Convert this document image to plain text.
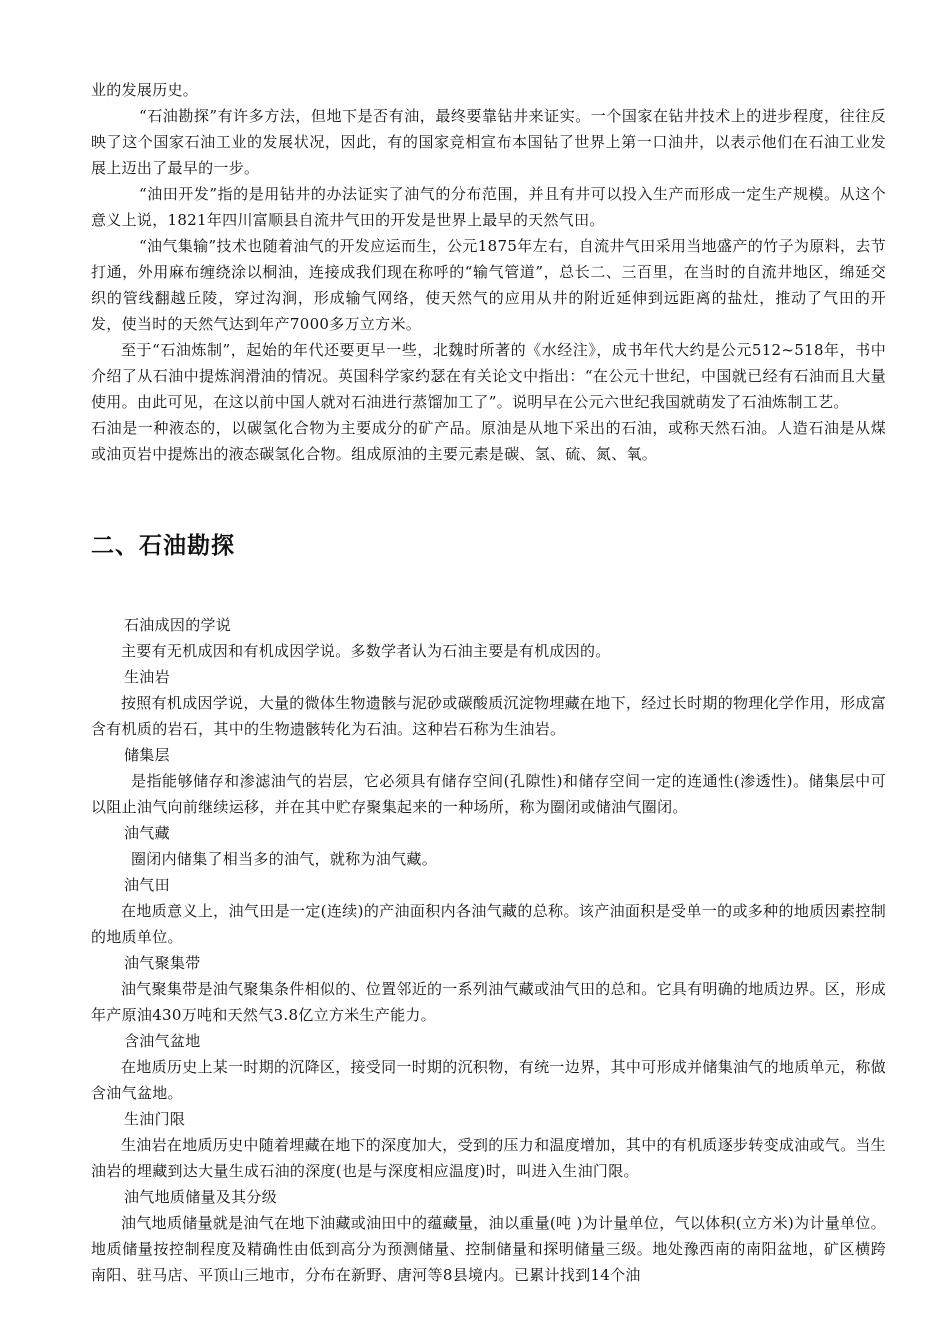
业的发展历史。

“石油勘探”有许多方法，但地下是否有油，最终要靠钻井来证实。一个国家在钻井技术上的进步程度，往往反映了这个国家石油工业的发展状况，因此，有的国家竞相宣布本国钻了世界上第一口油井，以表示他们在石油工业发展上迈出了最早的一步。

“油田开发”指的是用钻井的办法证实了油气的分布范围，并且有井可以投入生产而形成一定生产规模。从这个意义上说，1821年四川富顺县自流井气田的开发是世界上最早的天然气田。

“油气集输”技术也随着油气的开发应运而生，公元1875年左右，自流井气田采用当地盛产的竹子为原料，去节打通，外用麻布缠绕涂以桐油，连接成我们现在称呼的“输气管道”，总长二、三百里，在当时的自流井地区，绵延交织的管线翻越丘陵，穿过沟涧，形成输气网络，使天然气的应用从井的附近延伸到远距离的盐灶，推动了气田的开发，使当时的天然气达到年产7000多万立方米。

至于“石油炼制”，起始的年代还要更早一些，北魏时所著的《水经注》，成书年代大约是公元512~518年，书中介绍了从石油中提炼润滑油的情况。英国科学家约瑟在有关论文中指出：“在公元十世纪，中国就已经有石油而且大量使用。由此可见，在这以前中国人就对石油进行蒸馏加工了”。说明早在公元六世纪我国就萌发了石油炼制工艺。

石油是一种液态的，以碳氢化合物为主要成分的矿产品。原油是从地下采出的石油，或称天然石油。人造石油是从煤或油页岩中提炼出的液态碳氢化合物。组成原油的主要元素是碳、氢、硫、氮、氧。

二、石油勘探

石油成因的学说

主要有无机成因和有机成因学说。多数学者认为石油主要是有机成因的。

生油岩

按照有机成因学说，大量的微体生物遗骸与泥砂或碳酸质沉淀物埋藏在地下，经过长时期的物理化学作用，形成富含有机质的岩石，其中的生物遗骸转化为石油。这种岩石称为生油岩。

储集层

是指能够储存和渗滤油气的岩层，它必须具有储存空间(孔隙性)和储存空间一定的连通性(渗透性)。储集层中可以阻止油气向前继续运移，并在其中贮存聚集起来的一种场所，称为圈闭或储油气圈闭。

油气藏

圈闭内储集了相当多的油气，就称为油气藏。

油气田

在地质意义上，油气田是一定(连续)的产油面积内各油气藏的总称。该产油面积是受单一的或多种的地质因素控制的地质单位。

油气聚集带

油气聚集带是油气聚集条件相似的、位置邻近的一系列油气藏或油气田的总和。它具有明确的地质边界。区，形成年产原油430万吨和天然气3.8亿立方米生产能力。

含油气盆地

在地质历史上某一时期的沉降区，接受同一时期的沉积物，有统一边界，其中可形成并储集油气的地质单元，称做含油气盆地。

生油门限

生油岩在地质历史中随着埋藏在地下的深度加大，受到的压力和温度增加，其中的有机质逐步转变成油或气。当生油岩的埋藏到达大量生成石油的深度(也是与深度相应温度)时，叫进入生油门限。

油气地质储量及其分级

油气地质储量就是油气在地下油藏或油田中的蕴藏量，油以重量(吨 )为计量单位，气以体积(立方米)为计量单位。地质储量按控制程度及精确性由低到高分为预测储量、控制储量和探明储量三级。地处豫西南的南阳盆地，矿区横跨南阳、驻马店、平顶山三地市，分布在新野、唐河等8县境内。已累计找到14个油
